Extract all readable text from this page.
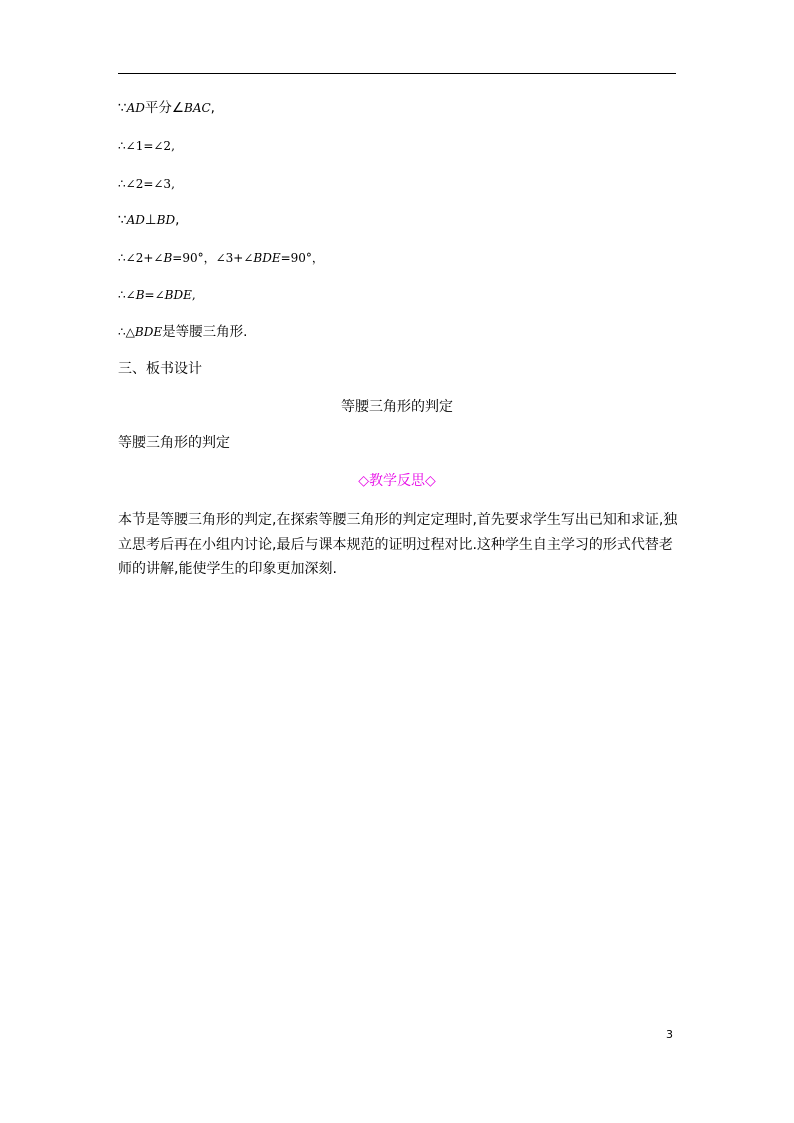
∵AD平分∠BAC,
∴∠1=∠2,
∴∠2=∠3,
∵AD⊥BD,
∴∠2+∠B=90°，∠3+∠BDE=90°，
∴∠B=∠BDE,
∴△BDE是等腰三角形.
三、板书设计
等腰三角形的判定
等腰三角形的判定
◇教学反思◇
本节是等腰三角形的判定,在探索等腰三角形的判定定理时,首先要求学生写出已知和求证,独立思考后再在小组内讨论,最后与课本规范的证明过程对比.这种学生自主学习的形式代替老师的讲解,能使学生的印象更加深刻.
3
